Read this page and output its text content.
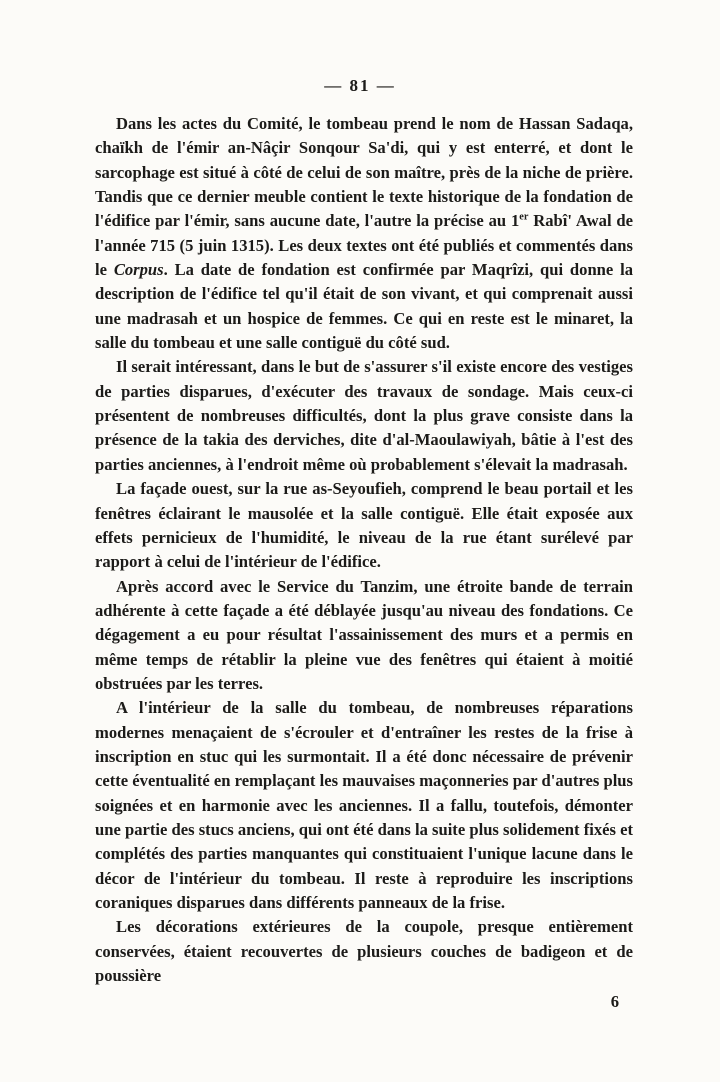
— 81 —

Dans les actes du Comité, le tombeau prend le nom de Hassan Sadaqa, chaïkh de l'émir an-Nâçir Sonqour Sa'di, qui y est enterré, et dont le sarcophage est situé à côté de celui de son maître, près de la niche de prière. Tandis que ce dernier meuble contient le texte historique de la fondation de l'édifice par l'émir, sans aucune date, l'autre la précise au 1er Rabî' Awal de l'année 715 (5 juin 1315). Les deux textes ont été publiés et commentés dans le Corpus. La date de fondation est confirmée par Maqrîzi, qui donne la description de l'édifice tel qu'il était de son vivant, et qui comprenait aussi une madrasah et un hospice de femmes. Ce qui en reste est le minaret, la salle du tombeau et une salle contiguë du côté sud.

Il serait intéressant, dans le but de s'assurer s'il existe encore des vestiges de parties disparues, d'exécuter des travaux de sondage. Mais ceux-ci présentent de nombreuses difficultés, dont la plus grave consiste dans la présence de la takia des derviches, dite d'al-Maoulawiyah, bâtie à l'est des parties anciennes, à l'endroit même où probablement s'élevait la madrasah.

La façade ouest, sur la rue as-Seyoufieh, comprend le beau portail et les fenêtres éclairant le mausolée et la salle contiguë. Elle était exposée aux effets pernicieux de l'humidité, le niveau de la rue étant surélevé par rapport à celui de l'intérieur de l'édifice.

Après accord avec le Service du Tanzim, une étroite bande de terrain adhérente à cette façade a été déblayée jusqu'au niveau des fondations. Ce dégagement a eu pour résultat l'assainissement des murs et a permis en même temps de rétablir la pleine vue des fenêtres qui étaient à moitié obstruées par les terres.

A l'intérieur de la salle du tombeau, de nombreuses réparations modernes menaçaient de s'écrouler et d'entraîner les restes de la frise à inscription en stuc qui les surmontait. Il a été donc nécessaire de prévenir cette éventualité en remplaçant les mauvaises maçonneries par d'autres plus soignées et en harmonie avec les anciennes. Il a fallu, toutefois, démonter une partie des stucs anciens, qui ont été dans la suite plus solidement fixés et complétés des parties manquantes qui constituaient l'unique lacune dans le décor de l'intérieur du tombeau. Il reste à reproduire les inscriptions coraniques disparues dans différents panneaux de la frise.

Les décorations extérieures de la coupole, presque entièrement conservées, étaient recouvertes de plusieurs couches de badigeon et de poussière

6
